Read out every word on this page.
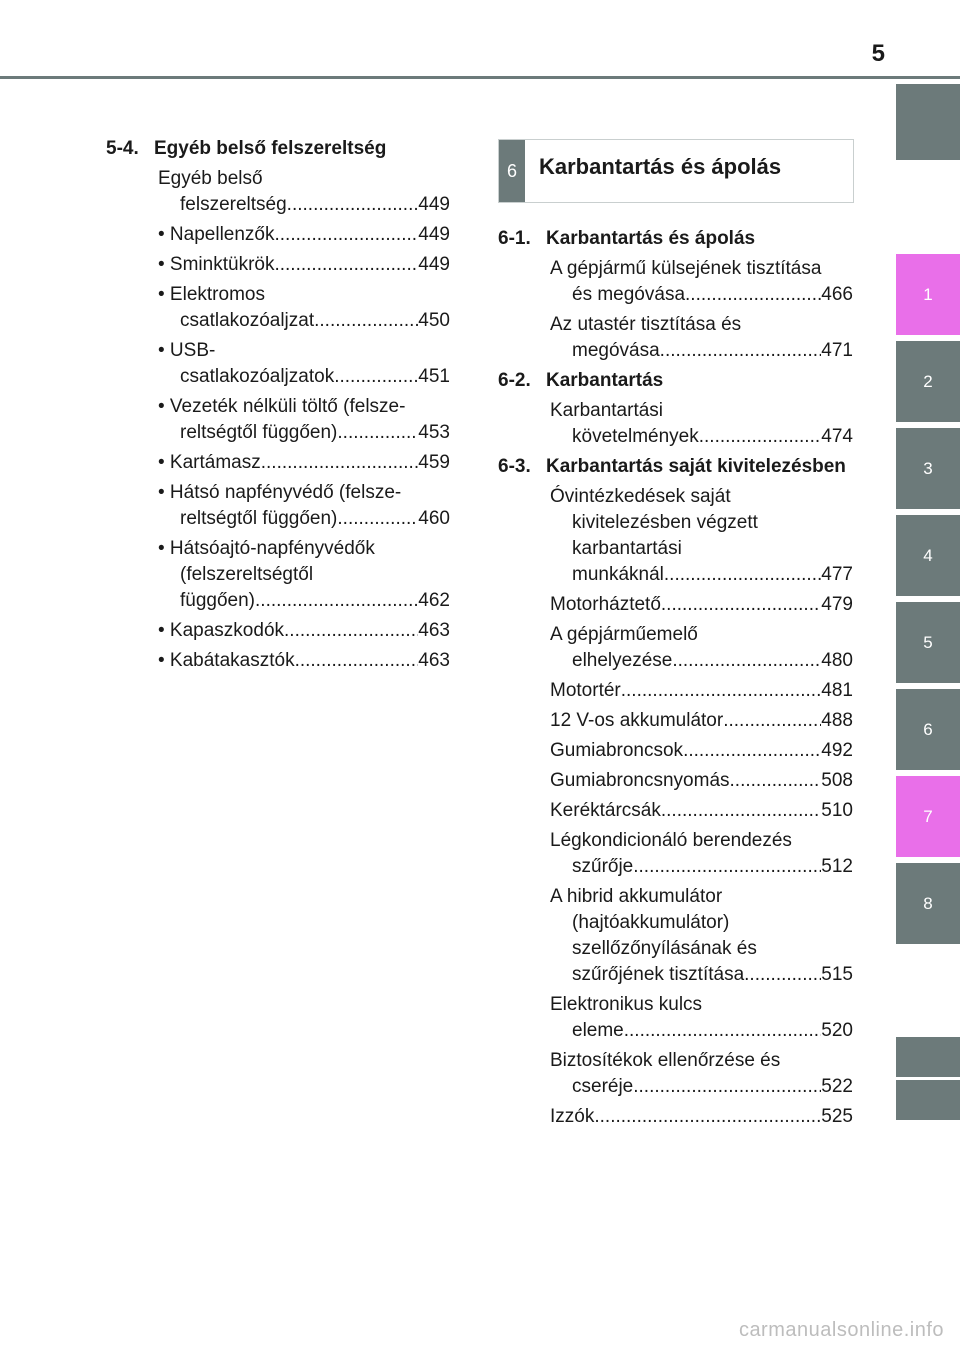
5
1
2
3
4
5
6
7
8
5-4. Egyéb belső felszereltség
Egyéb belső
felszereltség .....	449
• Napellenzők .....	449
• Sminktükrök .....	449
• Elektromos
csatlakozóaljzat .....	450
• USB-
csatlakozóaljzatok .....	451
• Vezeték nélküli töltő (felsze-
reltségtől függően) .....	453
• Kartámasz .....	459
• Hátsó napfényvédő (felsze-
reltségtől függően) .....	460
• Hátsóajtó-napfényvédők
(felszereltségtől
függően) .....	462
• Kapaszkodók .....	463
• Kabátakasztók .....	463
6	Karbantartás és ápolás
6-1. Karbantartás és ápolás
A gépjármű külsejének tisztítása
és megóvása .....	466
Az utastér tisztítása és
megóvása .....	471
6-2. Karbantartás
Karbantartási
követelmények .....	474
6-3. Karbantartás saját kivitelezésben
Óvintézkedések saját
kivitelezésben végzett
karbantartási
munkáknál .....	477
Motorháztető .....	479
A gépjárműemelő
elhelyezése .....	480
Motortér .....	481
12 V-os akkumulátor .....	488
Gumiabroncsok .....	492
Gumiabroncsnyomás .....	508
Keréktárcsák .....	510
Légkondicionáló berendezés
szűrője .....	512
A hibrid akkumulátor
(hajtóakkumulátor)
szellőzőnyílásának és
szűrőjének tisztítása .....	515
Elektronikus kulcs
eleme .....	520
Biztosítékok ellenőrzése és
cseréje .....	522
Izzók .....	525
carmanualsonline.info
